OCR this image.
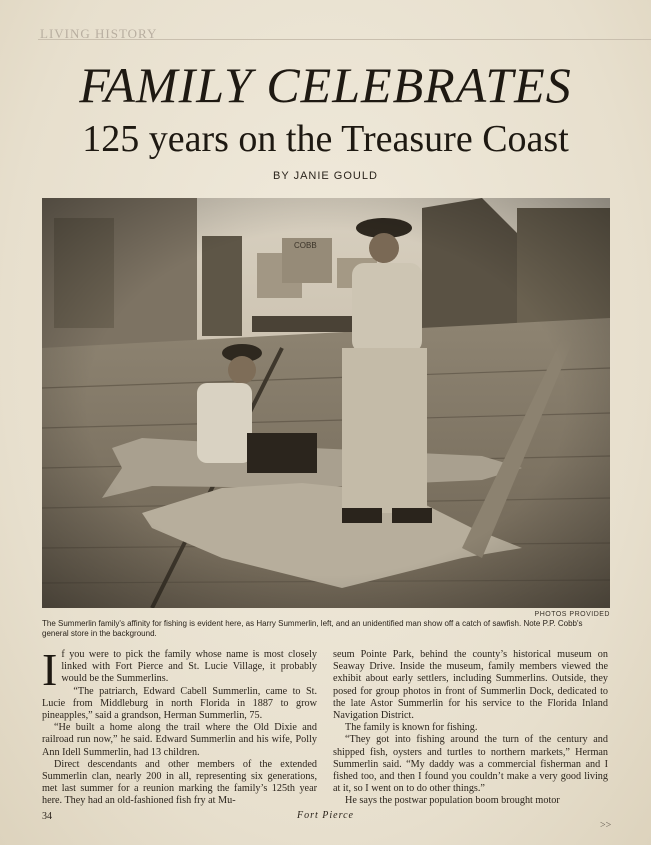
LIVING HISTORY
FAMILY CELEBRATES
125 years on the Treasure Coast
BY JANIE GOULD
PHOTOS PROVIDED
The Summerlin family's affinity for fishing is evident here, as Harry Summerlin, left, and an unidentified man show off a catch of sawfish. Note P.P. Cobb's general store in the background.

If you were to pick the family whose name is most closely linked with Fort Pierce and St. Lucie Village, it probably would be the Summerlins.

“The patriarch, Edward Cabell Summerlin, came to St. Lucie from Middleburg in north Florida in 1887 to grow pineapples,” said a grandson, Herman Summerlin, 75.

“He built a home along the trail where the Old Dixie and railroad run now,” he said. Edward Summerlin and his wife, Polly Ann Idell Summerlin, had 13 children.

Direct descendants and other members of the extended Summerlin clan, nearly 200 in all, representing six generations, met last summer for a reunion marking the family’s 125th year here. They had an old-fashioned fish fry at Mu-

seum Pointe Park, behind the county’s historical museum on Seaway Drive. Inside the museum, family members viewed the exhibit about early settlers, including Summerlins. Outside, they posed for group photos in front of Summerlin Dock, dedicated to the late Astor Summerlin for his service to the Florida Inland Navigation District.

The family is known for fishing.

“They got into fishing around the turn of the century and shipped fish, oysters and turtles to northern markets,” Herman Summerlin said. “My daddy was a commercial fisherman and I fished too, and then I found you couldn’t make a very good living at it, so I went on to do other things.”

He says the postwar population boom brought motor

34	Fort Pierce
>>
